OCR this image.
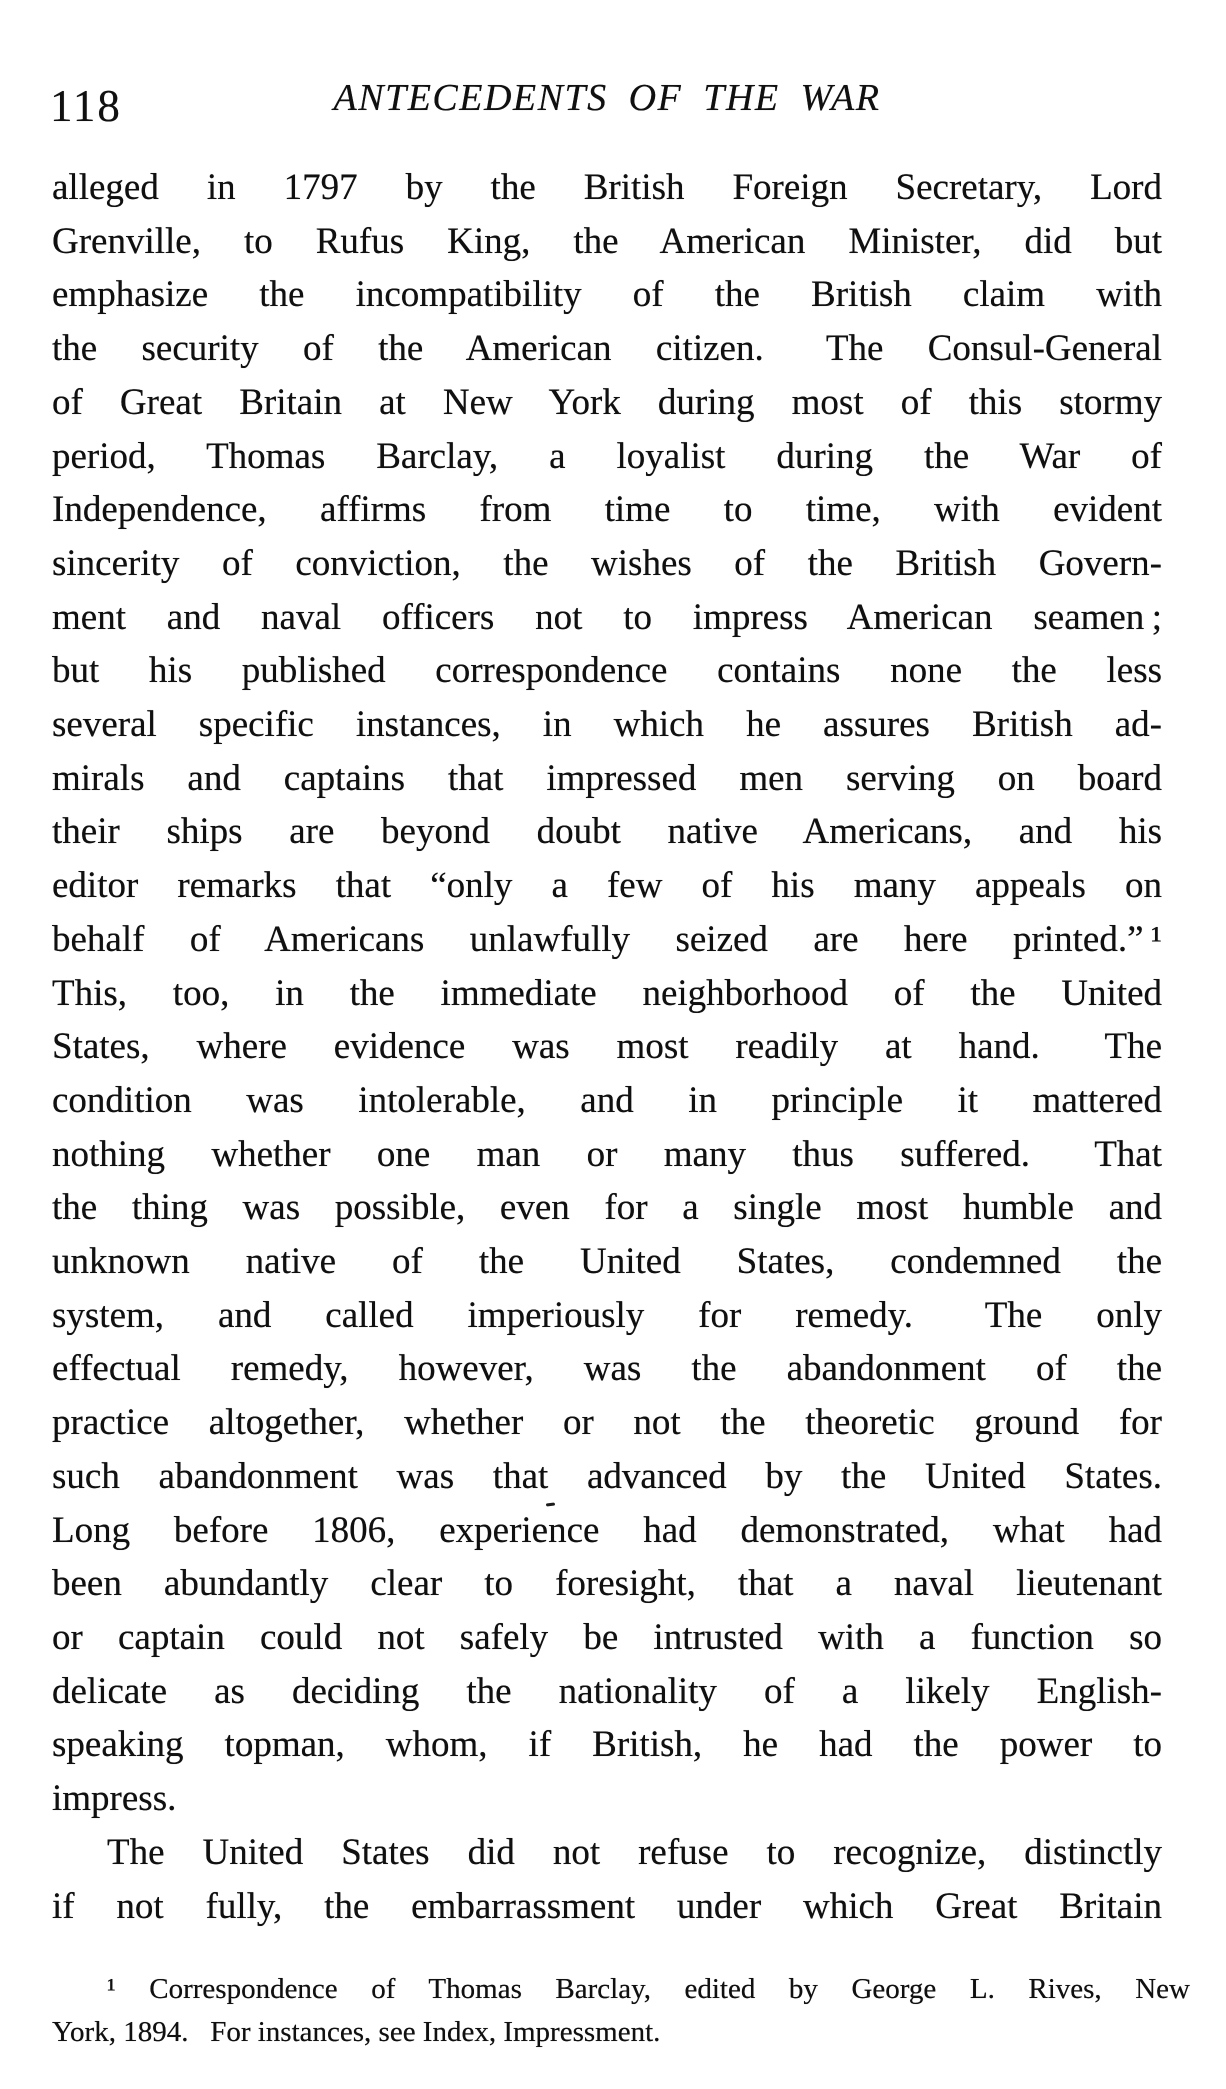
118	ANTECEDENTS OF THE WAR
alleged in 1797 by the British Foreign Secretary, Lord
Grenville, to Rufus King, the American Minister, did but
emphasize the incompatibility of the British claim with
the security of the American citizen.  The Consul-General
of Great Britain at New York during most of this stormy
period, Thomas Barclay, a loyalist during the War of
Independence, affirms from time to time, with evident
sincerity of conviction, the wishes of the British Govern-
ment and naval officers not to impress American seamen ;
but his published correspondence contains none the less
several specific instances, in which he assures British ad-
mirals and captains that impressed men serving on board
their ships are beyond doubt native Americans, and his
editor remarks that “only a few of his many appeals on
behalf of Americans unlawfully seized are here printed.” ¹
This, too, in the immediate neighborhood of the United
States, where evidence was most readily at hand.  The
condition was intolerable, and in principle it mattered
nothing whether one man or many thus suffered.  That
the thing was possible, even for a single most humble and
unknown native of the United States, condemned the
system, and called imperiously for remedy.  The only
effectual remedy, however, was the abandonment of the
practice altogether, whether or not the theoretic ground for
such abandonment was that advanced by the United States.
Long before 1806, experience had demonstrated, what had
been abundantly clear to foresight, that a naval lieutenant
or captain could not safely be intrusted with a function so
delicate as deciding the nationality of a likely English-
speaking topman, whom, if British, he had the power to
impress.
The United States did not refuse to recognize, distinctly
if not fully, the embarrassment under which Great Britain
¹ Correspondence of Thomas Barclay, edited by George L. Rives, New
York, 1894.  For instances, see Index, Impressment.
